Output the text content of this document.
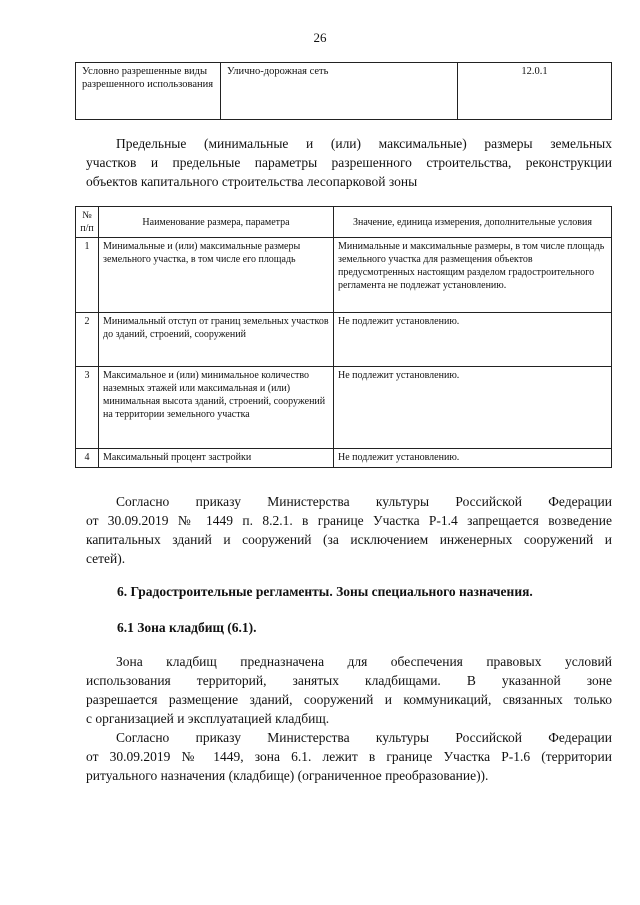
26
Условно разрешенные виды разрешенного использования	Улично-дорожная сеть	12.0.1
Предельные (минимальные и (или) максимальные) размеры земельных
участков и предельные параметры разрешенного строительства, реконструкции
объектов капитального строительства лесопарковой зоны
№ п/п	Наименование размера, параметра	Значение, единица измерения, дополнительные условия
1	Минимальные и (или) максимальные размеры земельного участка, в том числе его площадь	Минимальные и максимальные размеры, в том числе площадь земельного участка для размещения объектов предусмотренных настоящим разделом градостроительного регламента не подлежат установлению.
2	Минимальный отступ от границ земельных участков до зданий, строений, сооружений	Не подлежит установлению.
3	Максимальное и (или) минимальное количество наземных этажей или максимальная и (или) минимальная высота зданий, строений, сооружений на территории земельного участка	Не подлежит установлению.
4	Максимальный процент застройки	Не подлежит установлению.
Согласно приказу Министерства культуры Российской Федерации
от 30.09.2019 № 1449 п. 8.2.1. в границе Участка Р-1.4 запрещается возведение
капитальных зданий и сооружений (за исключением инженерных сооружений и
сетей).

6. Градостроительные регламенты. Зоны специального назначения.

6.1 Зона кладбищ (6.1).

Зона кладбищ предназначена для обеспечения правовых условий
использования территорий, занятых кладбищами. В указанной зоне
разрешается размещение зданий, сооружений и коммуникаций, связанных только
с организацией и эксплуатацией кладбищ.
Согласно приказу Министерства культуры Российской Федерации
от 30.09.2019 № 1449, зона 6.1. лежит в границе Участка Р-1.6 (территории
ритуального назначения (кладбище) (ограниченное преобразование)).
